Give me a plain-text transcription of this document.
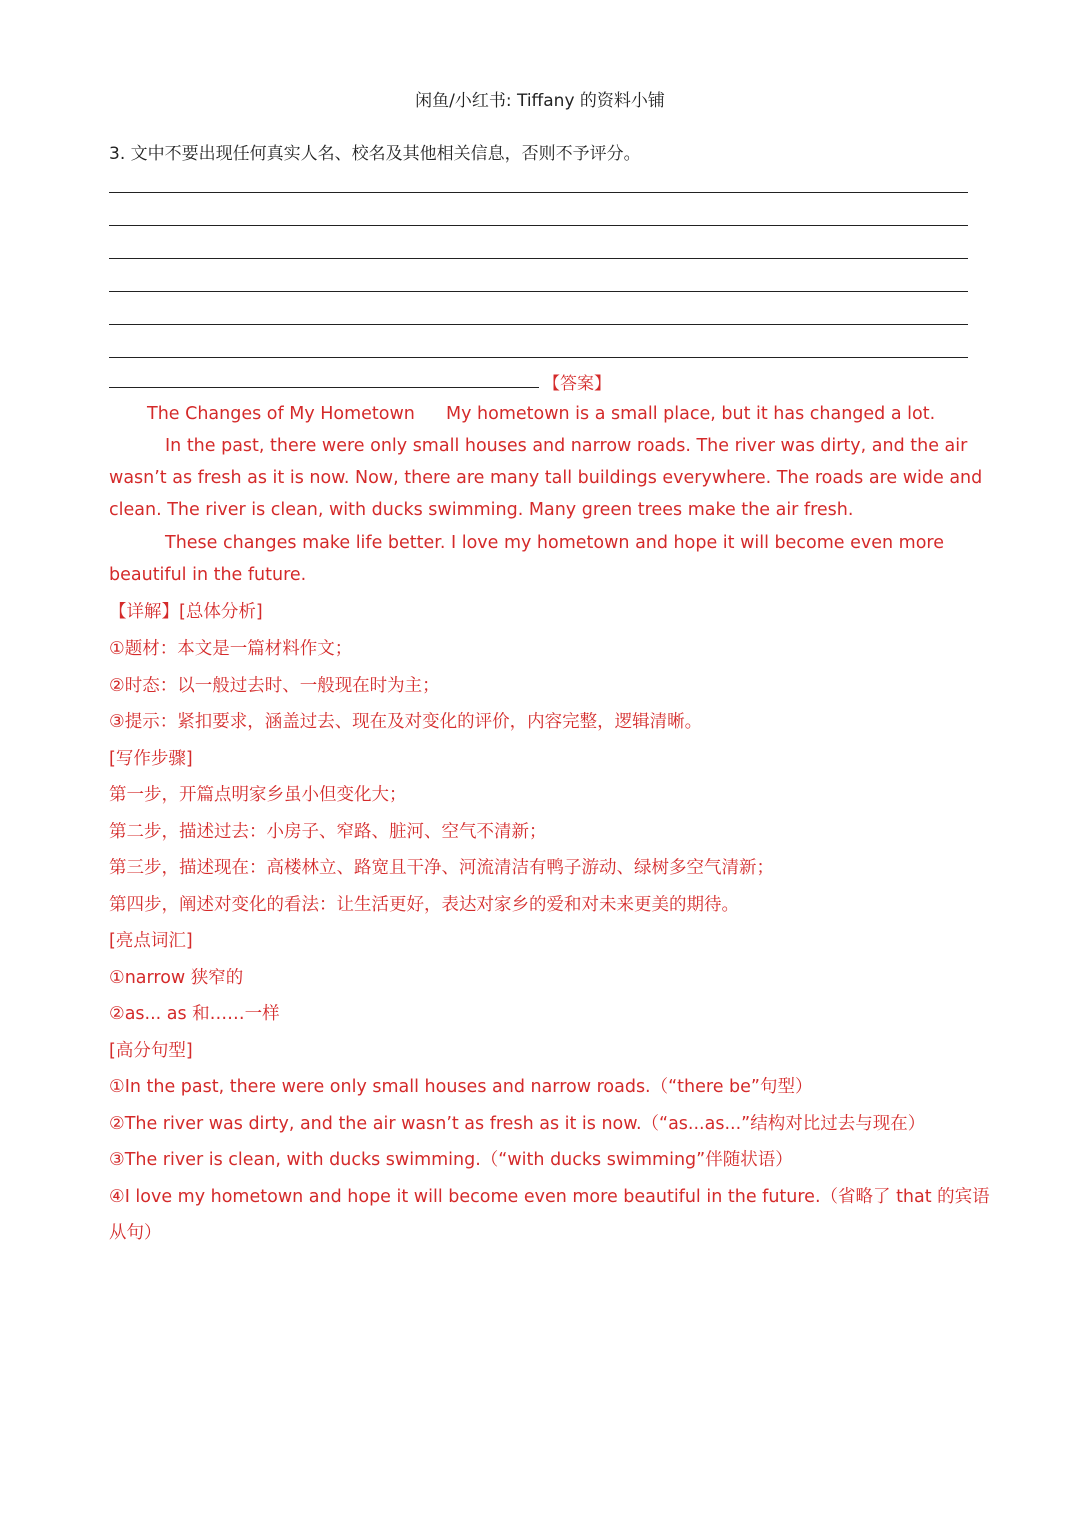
闲鱼/小红书: Tiffany 的资料小铺
3. 文中不要出现任何真实人名、校名及其他相关信息，否则不予评分。
【答案】
The Changes of My Hometown My hometown is a small place, but it has changed a lot.
In the past, there were only small houses and narrow roads. The river was dirty, and the air
wasn’t as fresh as it is now. Now, there are many tall buildings everywhere. The roads are wide and
clean. The river is clean, with ducks swimming. Many green trees make the air fresh.
These changes make life better. I love my hometown and hope it will become even more
beautiful in the future.
【详解】[总体分析]
①题材：本文是一篇材料作文；
②时态：以一般过去时、一般现在时为主；
③提示：紧扣要求，涵盖过去、现在及对变化的评价，内容完整，逻辑清晰。
[写作步骤]
第一步，开篇点明家乡虽小但变化大；
第二步，描述过去：小房子、窄路、脏河、空气不清新；
第三步，描述现在：高楼林立、路宽且干净、河流清洁有鸭子游动、绿树多空气清新；
第四步，阐述对变化的看法：让生活更好，表达对家乡的爱和对未来更美的期待。
[亮点词汇]
①narrow 狭窄的
②as... as 和……一样
[高分句型]
①In the past, there were only small houses and narrow roads.（“there be”句型）
②The river was dirty, and the air wasn’t as fresh as it is now.（“as...as...”结构对比过去与现在）
③The river is clean, with ducks swimming.（“with ducks swimming”伴随状语）
④I love my hometown and hope it will become even more beautiful in the future.（省略了 that 的宾语
从句）
